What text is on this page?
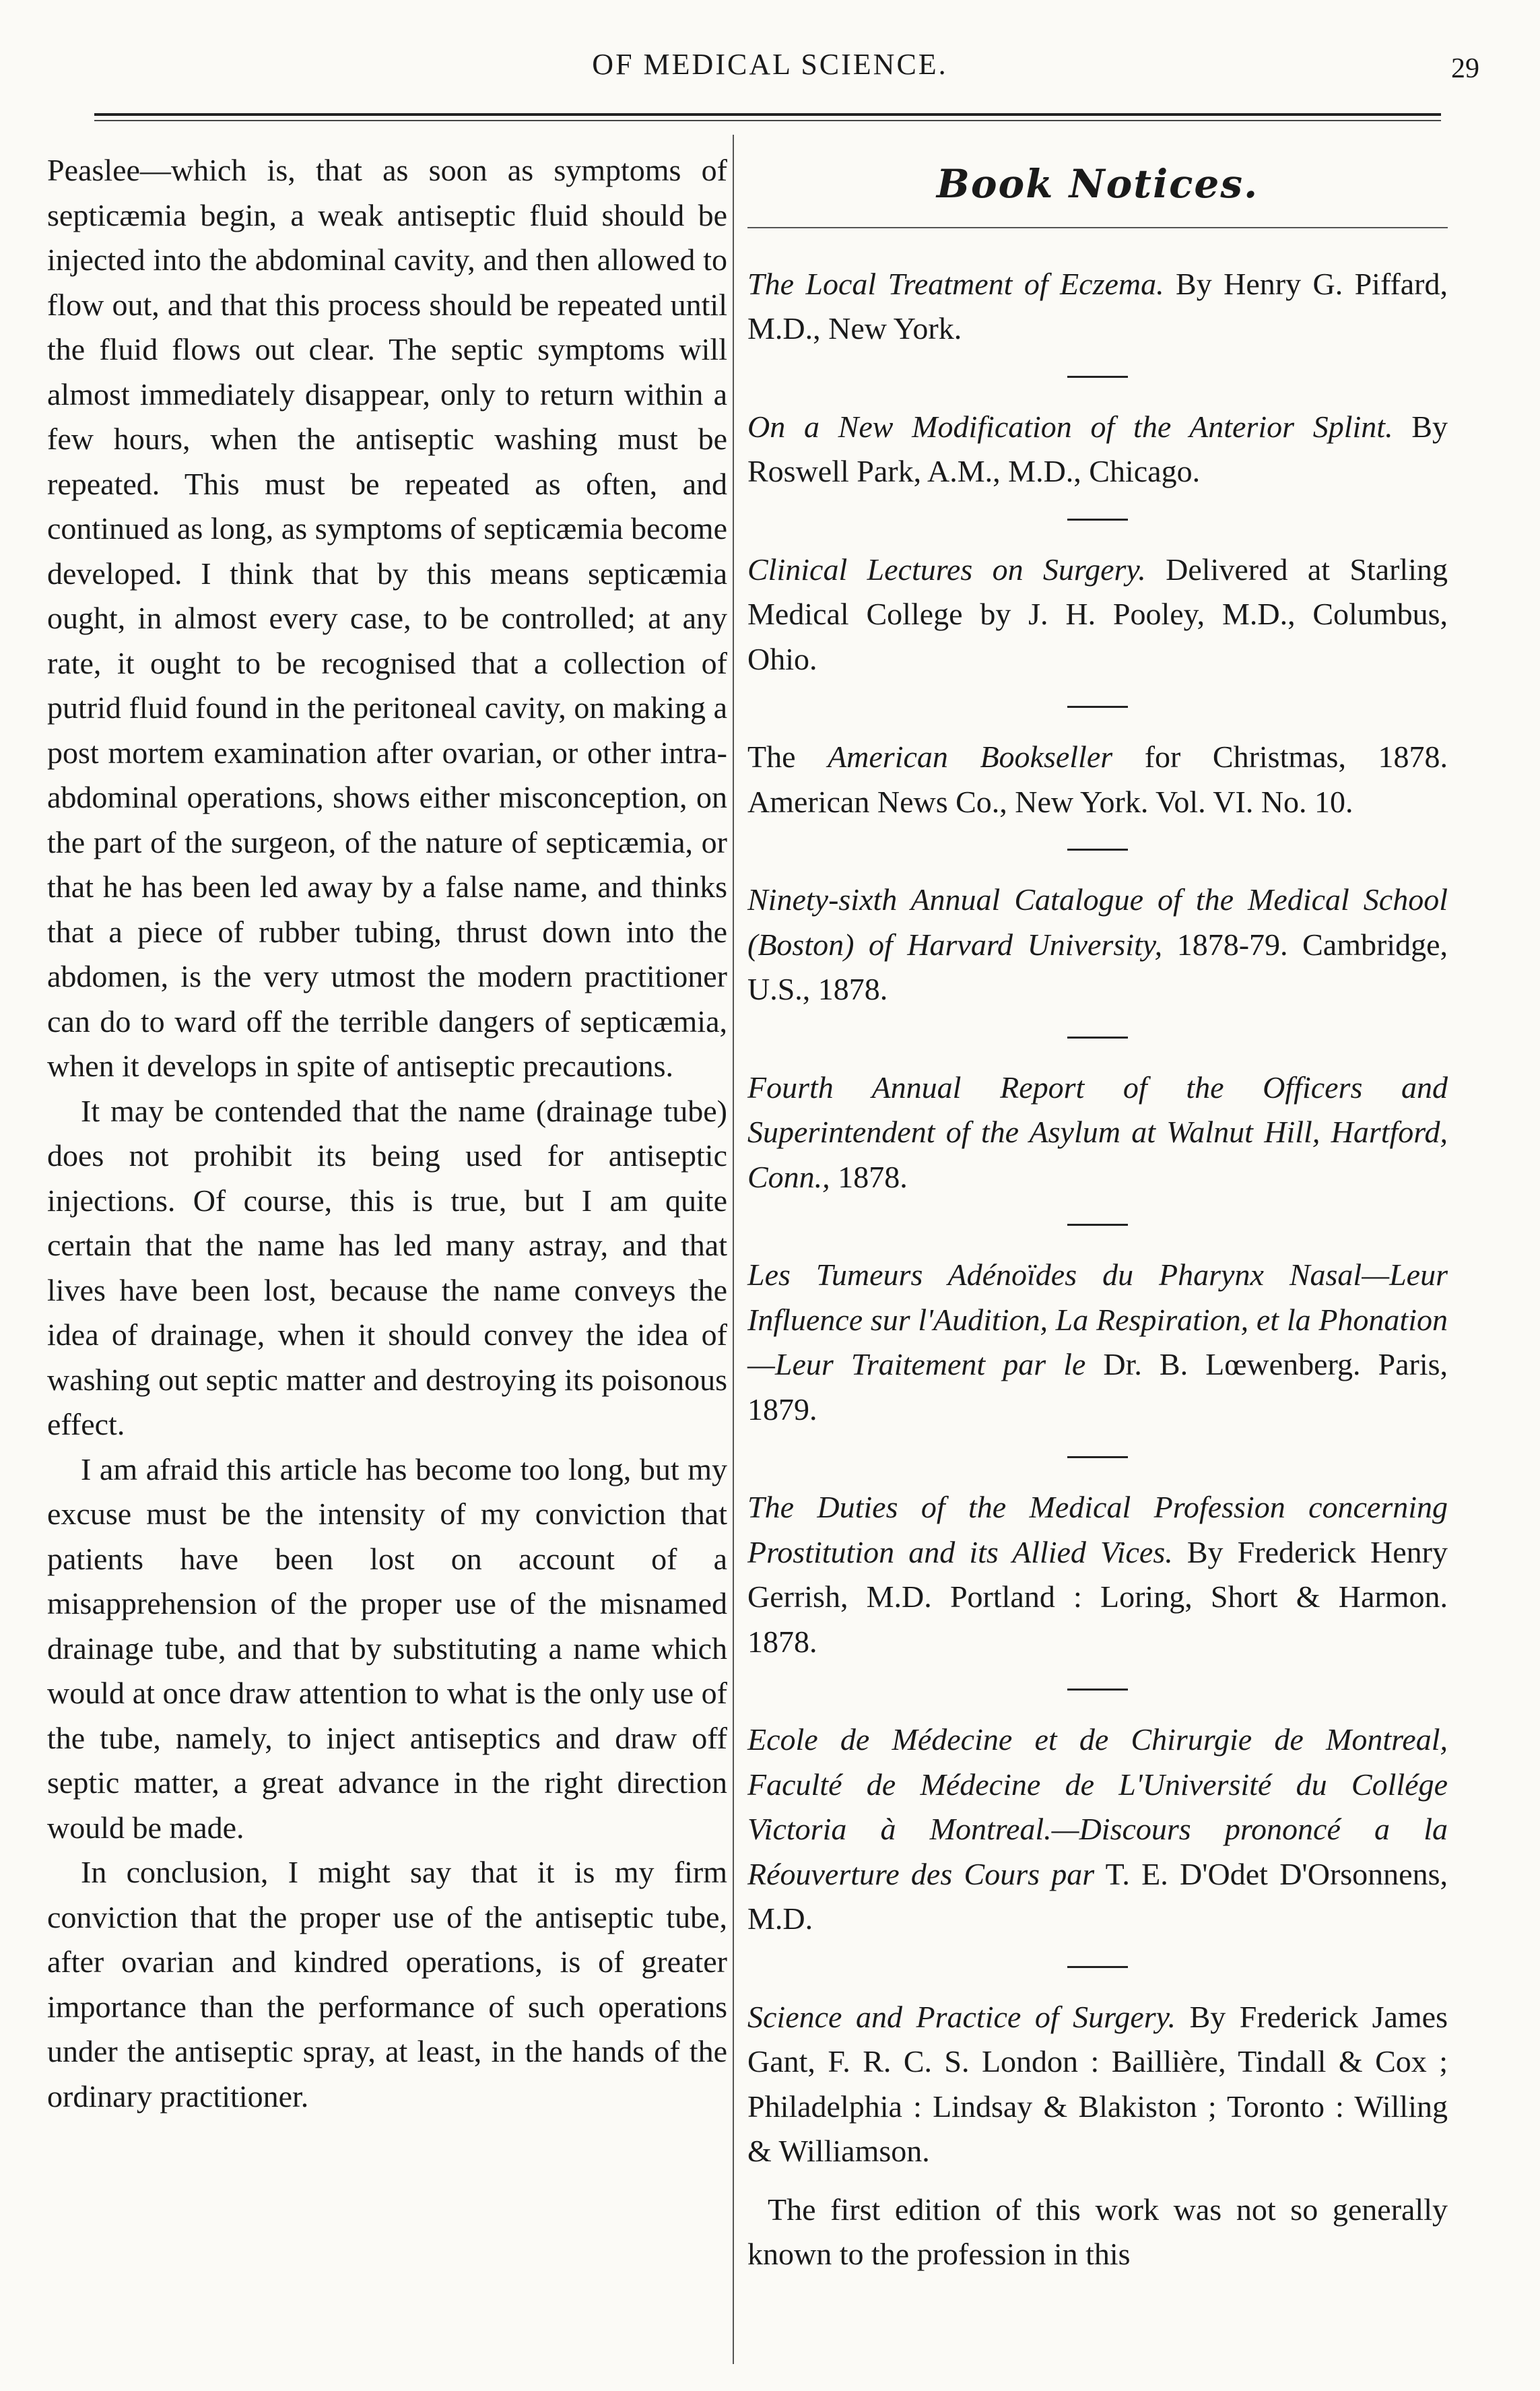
OF MEDICAL SCIENCE.	29

Peaslee—which is, that as soon as symptoms of septicæmia begin, a weak antiseptic fluid should be injected into the abdominal cavity, and then allowed to flow out, and that this process should be repeated until the fluid flows out clear. The septic symptoms will almost immediately disappear, only to return within a few hours, when the antiseptic washing must be repeated. This must be repeated as often, and continued as long, as symptoms of septicæmia become developed. I think that by this means septicæmia ought, in almost every case, to be controlled; at any rate, it ought to be recognised that a collection of putrid fluid found in the peritoneal cavity, on making a post mortem examination after ovarian, or other intra-abdominal operations, shows either misconception, on the part of the surgeon, of the nature of septicæmia, or that he has been led away by a false name, and thinks that a piece of rubber tubing, thrust down into the abdomen, is the very utmost the modern practitioner can do to ward off the terrible dangers of septicæmia, when it develops in spite of antiseptic precautions.

It may be contended that the name (drainage tube) does not prohibit its being used for antiseptic injections. Of course, this is true, but I am quite certain that the name has led many astray, and that lives have been lost, because the name conveys the idea of drainage, when it should convey the idea of washing out septic matter and destroying its poisonous effect.

I am afraid this article has become too long, but my excuse must be the intensity of my conviction that patients have been lost on account of a misapprehension of the proper use of the misnamed drainage tube, and that by substituting a name which would at once draw attention to what is the only use of the tube, namely, to inject antiseptics and draw off septic matter, a great advance in the right direction would be made.

In conclusion, I might say that it is my firm conviction that the proper use of the antiseptic tube, after ovarian and kindred operations, is of greater importance than the performance of such operations under the antiseptic spray, at least, in the hands of the ordinary practitioner.

Book Notices.

The Local Treatment of Eczema. By Henry G. Piffard, M.D., New York.

On a New Modification of the Anterior Splint. By Roswell Park, A.M., M.D., Chicago.

Clinical Lectures on Surgery. Delivered at Starling Medical College by J. H. Pooley, M.D., Columbus, Ohio.

The American Bookseller for Christmas, 1878. American News Co., New York. Vol. VI. No. 10.

Ninety-sixth Annual Catalogue of the Medical School (Boston) of Harvard University, 1878-79. Cambridge, U.S., 1878.

Fourth Annual Report of the Officers and Superintendent of the Asylum at Walnut Hill, Hartford, Conn., 1878.

Les Tumeurs Adénoïdes du Pharynx Nasal—Leur Influence sur l'Audition, La Respiration, et la Phonation—Leur Traitement par le Dr. B. Lœwenberg. Paris, 1879.

The Duties of the Medical Profession concerning Prostitution and its Allied Vices. By Frederick Henry Gerrish, M.D. Portland : Loring, Short & Harmon. 1878.

Ecole de Médecine et de Chirurgie de Montreal, Faculté de Médecine de L'Université du Collége Victoria à Montreal.—Discours prononcé a la Réouverture des Cours par T. E. D'Odet D'Orsonnens, M.D.

Science and Practice of Surgery. By Frederick James Gant, F. R. C. S. London : Baillière, Tindall & Cox ; Philadelphia : Lindsay & Blakiston ; Toronto : Willing & Williamson.

The first edition of this work was not so generally known to the profession in this
